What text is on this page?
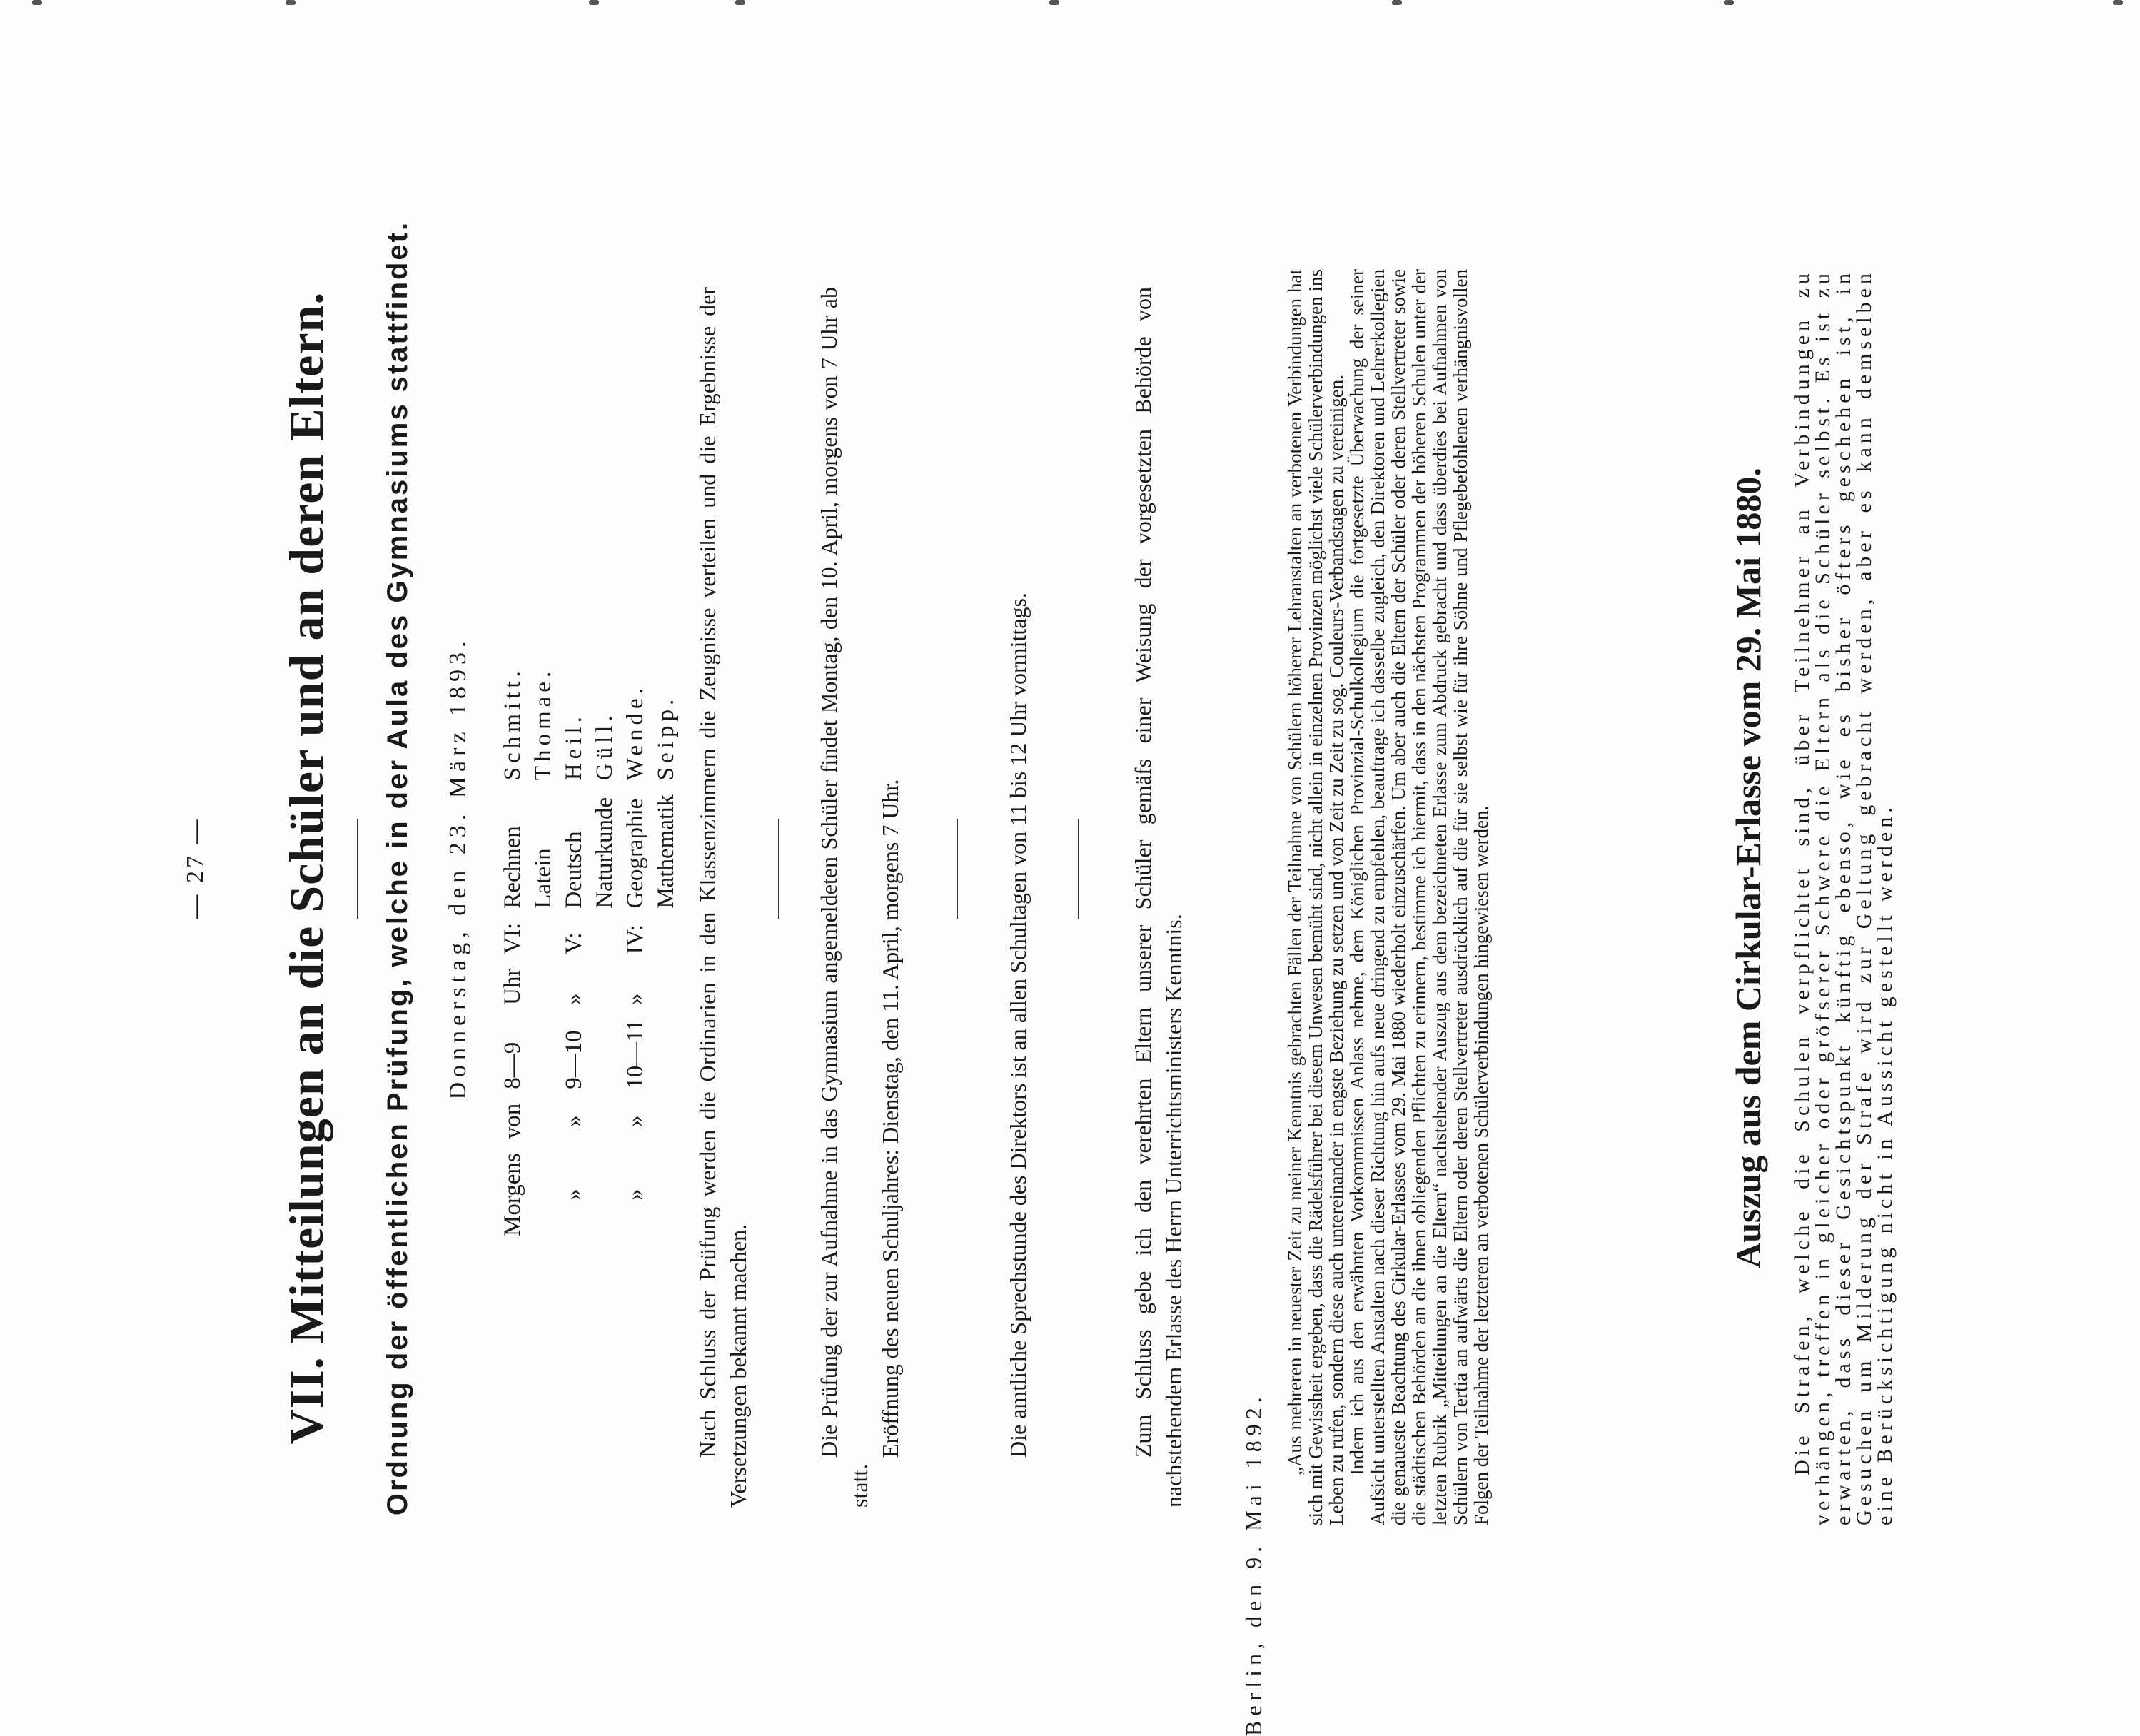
— 27 — VII. Mitteilungen an die Schüler und an deren Eltern. Ordnung der öffentlichen Prüfung, welche in der Aula des Gymnasiums stattfindet. Donnerstag, den 23. März 1893.
Morgens	von	8—9	Uhr	VI:	Rechnen	Schmitt.
					Latein	Thomae.
»	»	9—10	»	V:	Deutsch	Heil.
					Naturkunde	Güll.
»	»	10—11	»	IV:	Geographie	Wende.
					Mathematik	Seipp. Nach Schluss der Prüfung werden die Ordinarien in den Klassenzimmern die Zeugnisse verteilen und die Ergebnisse der Versetzungen bekannt machen.	Die Prüfung der zur Aufnahme in das Gymnasium angemeldeten Schüler findet Montag, den 10. April, morgens von 7 Uhr ab statt.

Eröffnung des neuen Schuljahres: Dienstag, den 11. April, morgens 7 Uhr.	Die amtliche Sprechstunde des Direktors ist an allen Schultagen von 11 bis 12 Uhr vormittags.	Zum Schluss gebe ich den verehrten Eltern unserer Schüler gemäfs einer Weisung der vorgesetzten Behörde von nachstehendem Erlasse des Herrn Unterrichtsministers Kenntnis.
Berlin, den 9. Mai 1892.

„Aus mehreren in neuester Zeit zu meiner Kenntnis gebrachten Fällen der Teilnahme von Schülern höherer Lehranstalten an verbotenen Verbindungen hat sich mit Gewissheit ergeben, dass die Rädelsführer bei diesem Unwesen bemüht sind, nicht allein in einzelnen Provinzen möglichst viele Schülerverbindungen ins Leben zu rufen, sondern diese auch untereinander in engste Beziehung zu setzen und von Zeit zu Zeit zu sog. Couleurs-Verbandstagen zu vereinigen. Indem ich aus den erwähnten Vorkommnissen Anlass nehme, dem Königlichen Provinzial-Schulkollegium die fortgesetzte Überwachung der seiner Aufsicht unterstellten Anstalten nach dieser Richtung hin aufs neue dringend zu empfehlen, beauftrage ich dasselbe zugleich, den Direktoren und Lehrerkollegien die genaueste Beachtung des Cirkular-Erlasses vom 29. Mai 1880 wiederholt einzuschärfen. Um aber auch die Eltern der Schüler oder deren Stellvertreter sowie die städtischen Behörden an die ihnen obliegenden Pflichten zu erinnern, bestimme ich hiermit, dass in den nächsten Programmen der höheren Schulen unter der letzten Rubrik „Mitteilungen an die Eltern“ nachstehender Auszug aus dem bezeichneten Erlasse zum Abdruck gebracht und dass überdies bei Aufnahmen von Schülern von Tertia an aufwärts die Eltern oder deren Stellvertreter ausdrücklich auf die für sie selbst wie für ihre Söhne und Pflegebefohlenen verhängnisvollen Folgen der Teilnahme der letzteren an verbotenen Schülerverbindungen hingewiesen werden.	Auszug aus dem Cirkular-Erlasse vom 29. Mai 1880. Die Strafen, welche die Schulen verpflichtet sind, über Teilnehmer an Verbindungen zu verhängen, treffen in gleicher oder gröfserer Schwere die Eltern als die Schüler selbst. Es ist zu erwarten, dass dieser Gesichtspunkt künftig ebenso, wie es bisher öfters geschehen ist, in Gesuchen um Milderung der Strafe wird zur Geltung gebracht werden, aber es kann demselben eine Berücksichtigung nicht in Aussicht gestellt werden.
